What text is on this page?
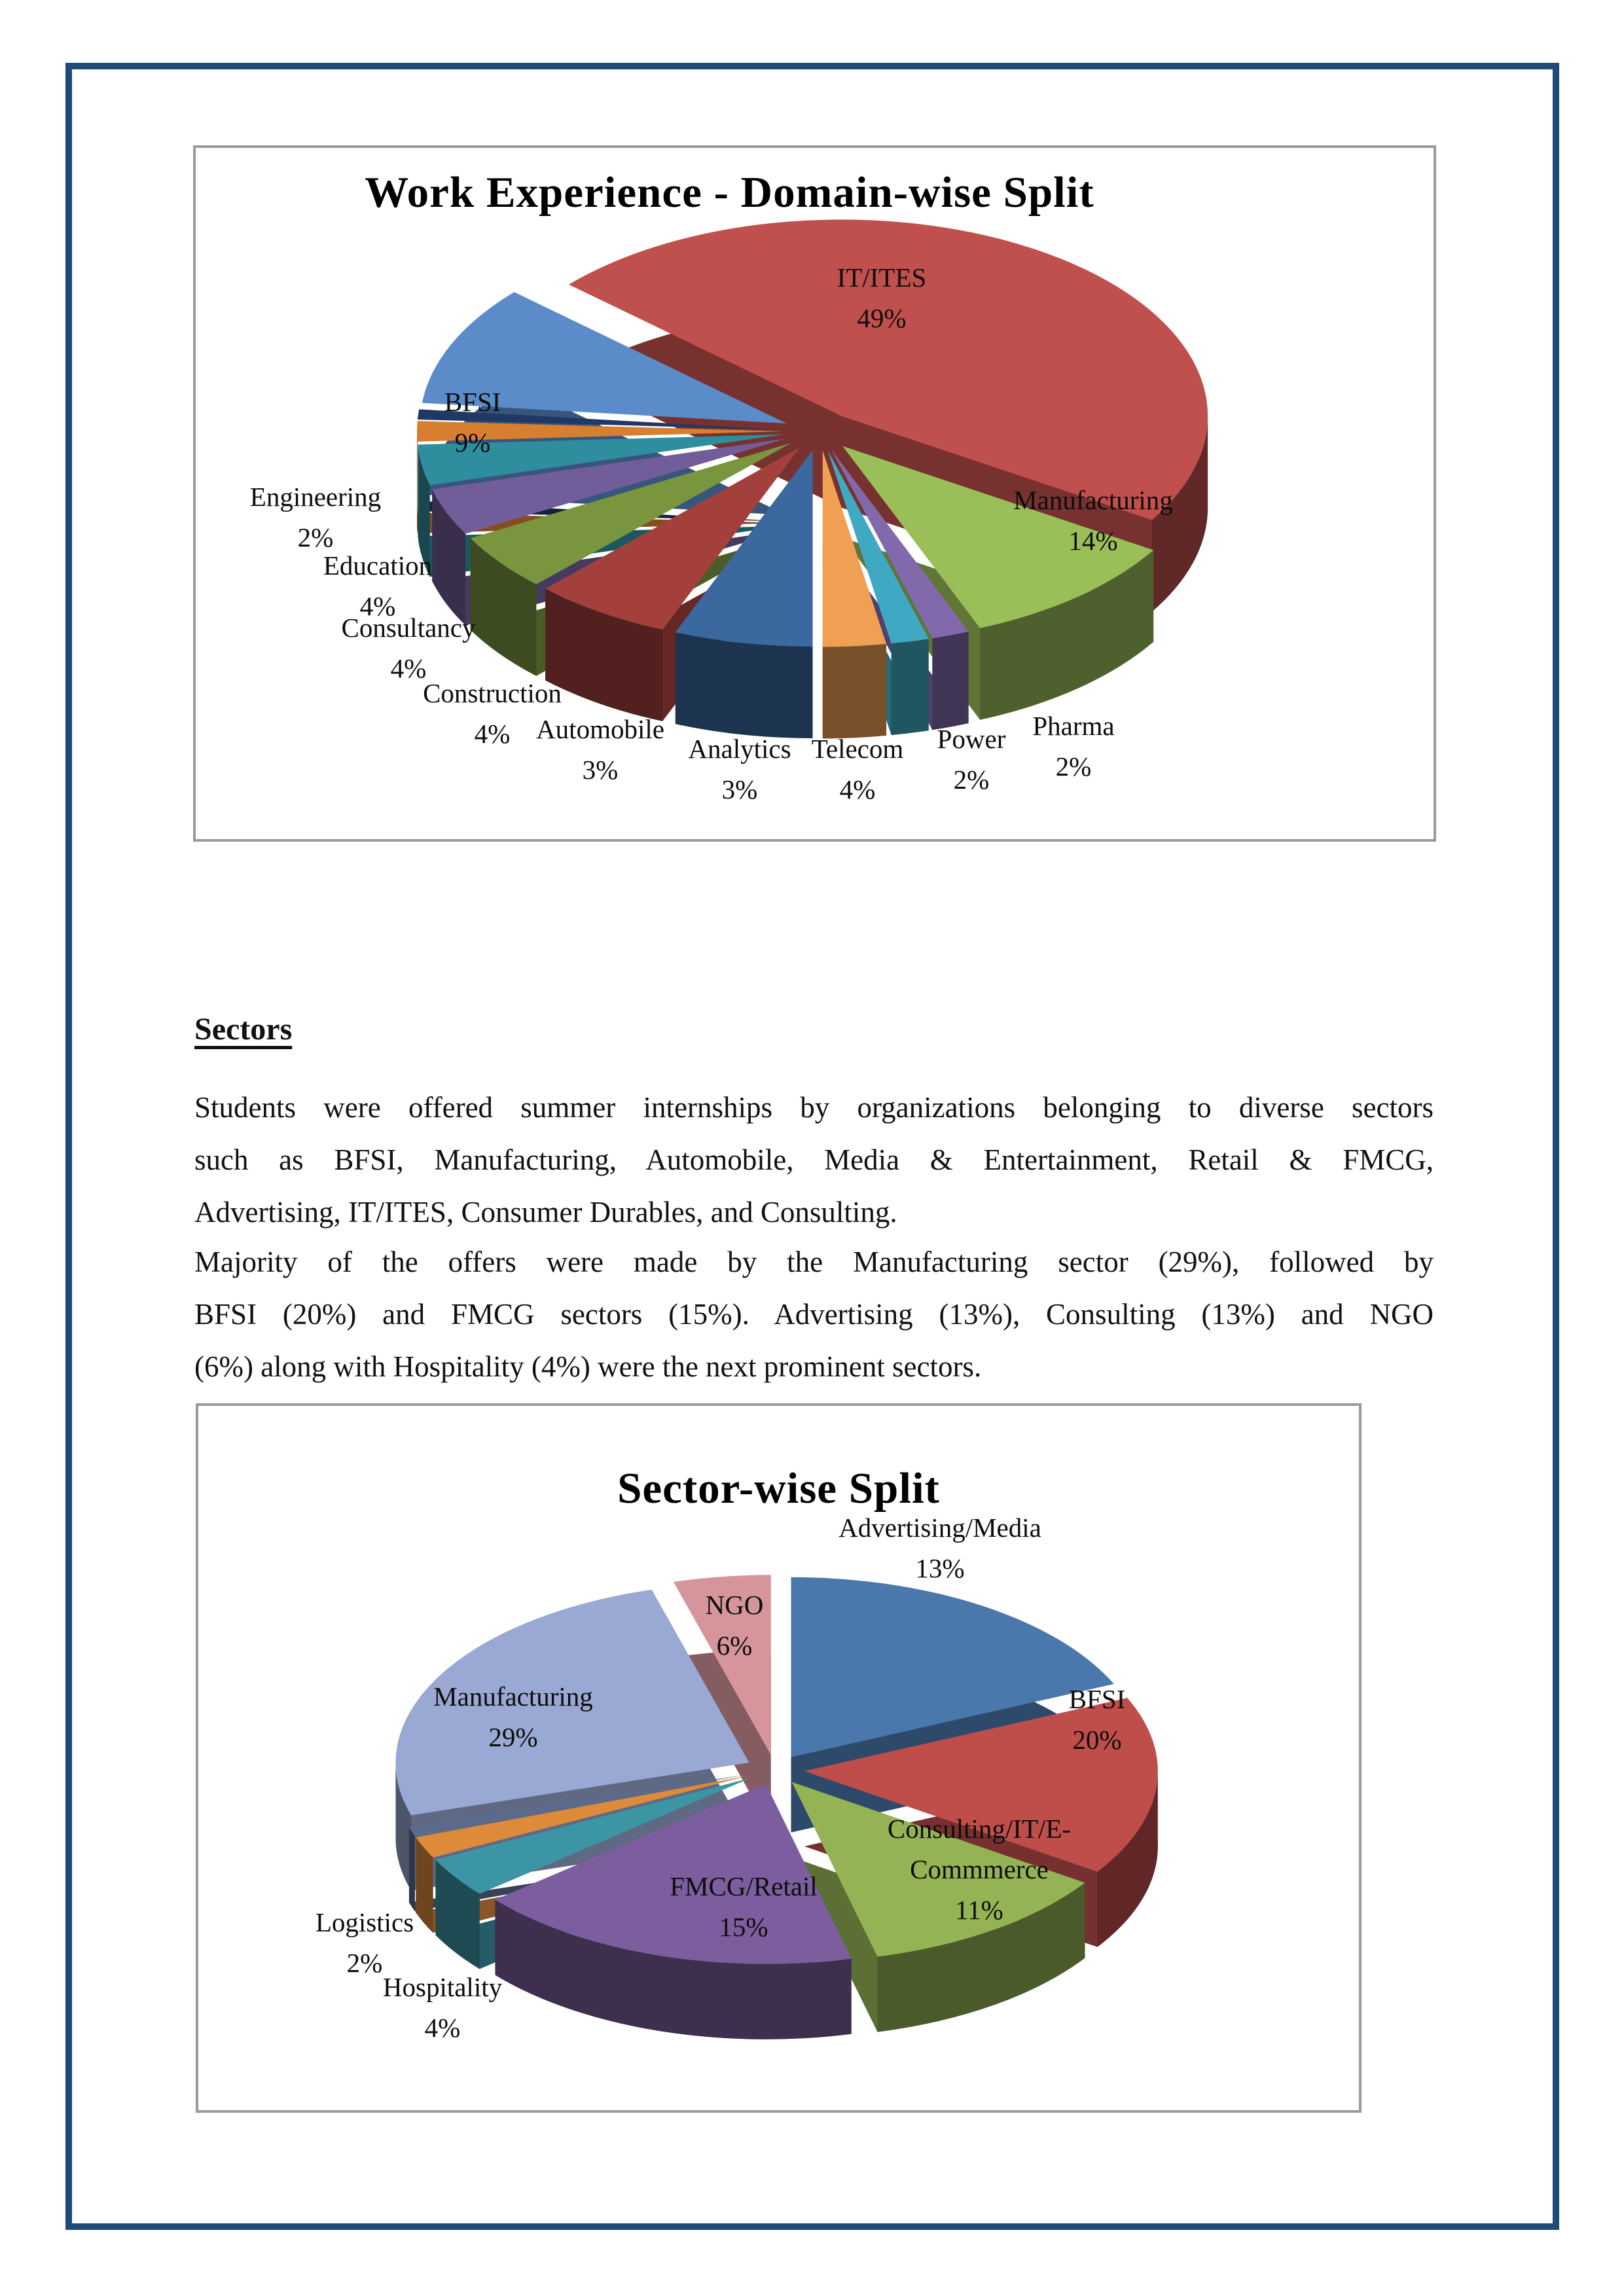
Work Experience - Domain-wise Split
Analytics
3%
Automobile
3%
Construction
4%
Consultancy
4%
Education
4%
Engineering
2%
BFSI
9%
IT/ITES
49%
Manufacturing
14%
Pharma
2%
Power
2%
Telecom
4%
Sectors
Students were offered summer internships by organizations belonging to diverse sectors
such as BFSI, Manufacturing, Automobile, Media & Entertainment, Retail & FMCG,
Advertising, IT/ITES, Consumer Durables, and Consulting.
Majority of the offers were made by the Manufacturing sector (29%), followed by
BFSI (20%) and FMCG sectors (15%). Advertising (13%), Consulting (13%) and NGO
(6%) along with Hospitality (4%) were the next prominent sectors.
Sector-wise Split
Advertising/Media
13%
BFSI
20%
Consulting/IT/E-
Commmerce
11%
FMCG/Retail
15%
Hospitality
4%
Logistics
2%
Manufacturing
29%
NGO
6%
